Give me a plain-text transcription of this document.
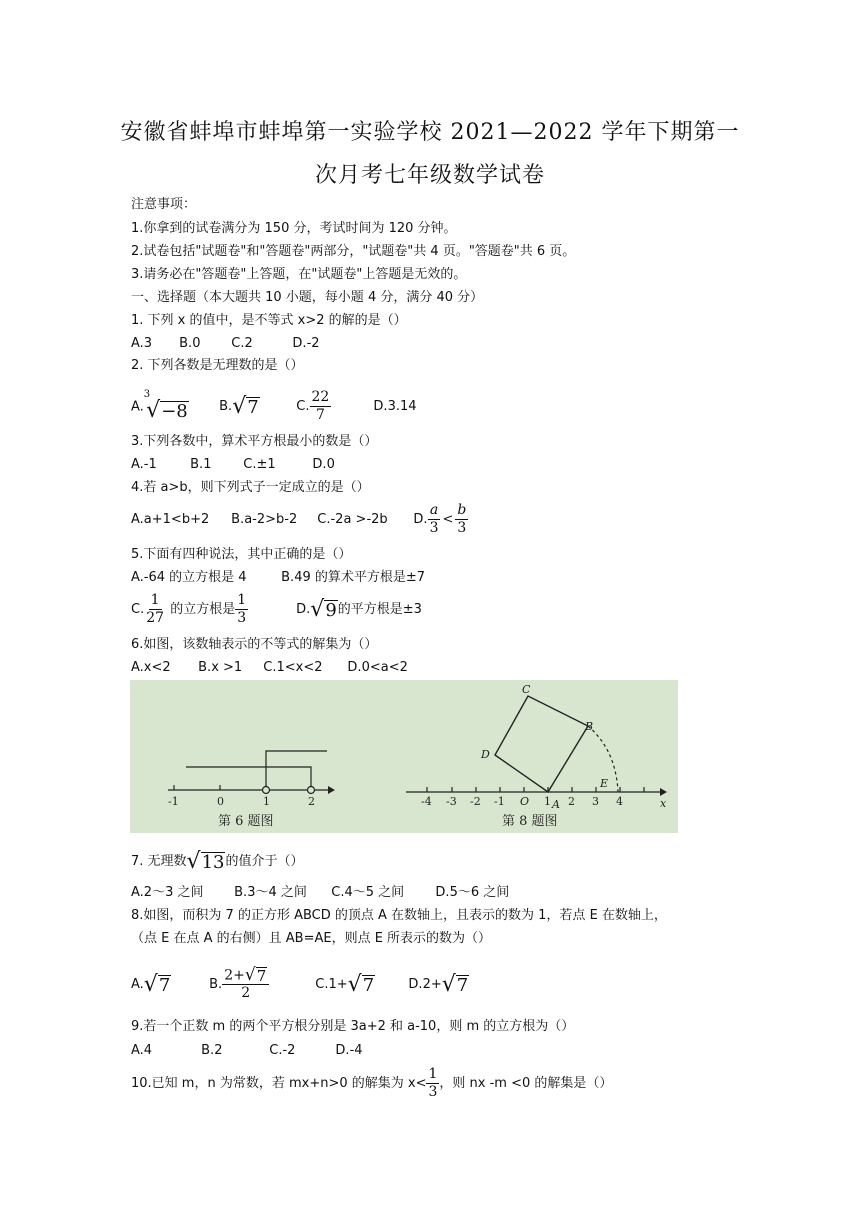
安徽省蚌埠市蚌埠第一实验学校 2021—2022 学年下期第一
次月考七年级数学试卷
注意事项：
1.你拿到的试卷满分为 150 分，考试时间为 120 分钟。
2.试卷包括"试题卷"和"答题卷"两部分，"试题卷"共 4 页。"答题卷"共 6 页。
3.请务必在"答题卷"上答题，在"试题卷"上答题是无效的。
一、选择题（本大题共 10 小题，每小题 4 分，满分 40 分）
1. 下列 x 的值中，是不等式 x>2 的解的是（）
A.3 B.0 C.2	D.-2
2. 下列各数是无理数的是（）
A.
3
√ −8 B. √ 7	C. $\frac{22}{7}$	D.3.14
3.下列各数中，算术平方根最小的数是（）
A.-1	B.1 C.±1	D.0
4.若 a>b，则下列式子一定成立的是（）
A.a+1<b+2 B.a-2>b-2 C.-2a >-2b D. $\frac{a}{3} < \frac{b}{3}$
5.下面有四种说法，其中正确的是（）
A.-64 的立方根是 4	B.49 的算术平方根是±7
C. $\frac{1}{27}$ 的立方根是 $\frac{1}{3}$	D. √ 9 的平方根是±3
6.如图，该数轴表示的不等式的解集为（）
A.x<2 B.x >1 C.1<x<2 D.0<a<2
-1	0	1	2
第 6 题图
-4 -3 -2 -1 O 1 2 3 4	x
A
B
C
D
E
第 8 题图
7. 无理数 √ 13 的值介于（）
A.2～3 之间 B.3～4 之间 C.4～5 之间 D.5～6 之间
8.如图，而积为 7 的正方形 ABCD 的顶点 A 在数轴上，且表示的数为 1，若点 E 在数轴上，
（点 E 在点 A 的右侧）且 AB=AE，则点 E 所表示的数为（）
A. √ 7	B. $\frac{2+ √ 7}{2}$	C.1+ √ 7	D.2+ √ 7
9.若一个正数 m 的两个平方根分别是 3a+2 和 a-10，则 m 的立方根为（）
A.4	B.2	C.-2	D.-4
10.已知 m，n 为常数，若 mx+n>0 的解集为 $x< \frac{1}{3}$ ，则 nx -m <0 的解集是（）
